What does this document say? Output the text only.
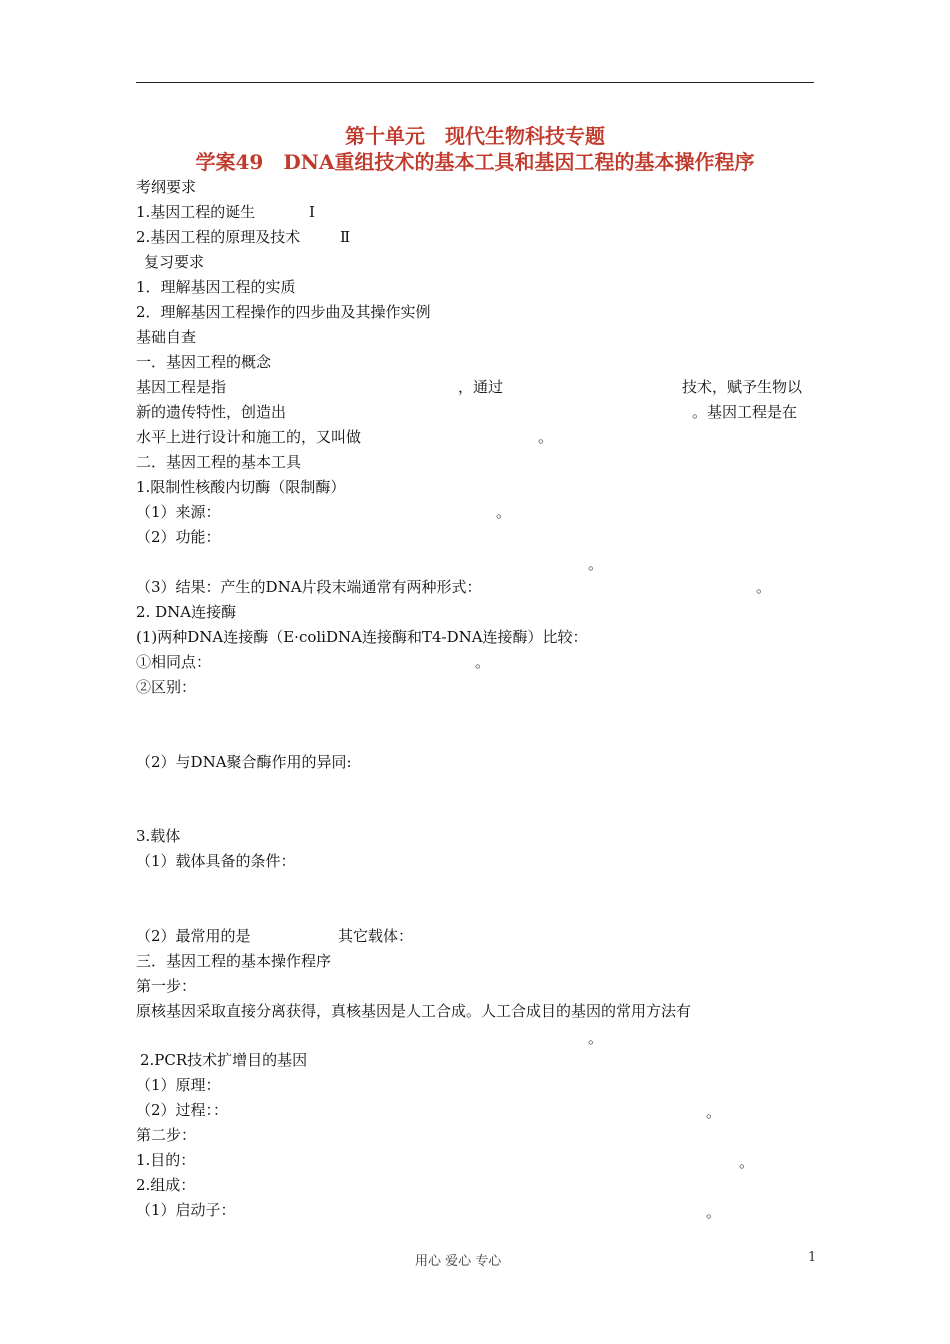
第十单元　现代生物科技专题
学案49　DNA重组技术的基本工具和基因工程的基本操作程序
考纲要求
1.基因工程的诞生	Ⅰ
2.基因工程的原理及技术	Ⅱ
复习要求
1．理解基因工程的实质
2．理解基因工程操作的四步曲及其操作实例
基础自查
一．基因工程的概念
基因工程是指	，通过	技术，赋予生物以
新的遗传特性，创造出	。基因工程是在
水平上进行设计和施工的，又叫做	。
二．基因工程的基本工具
1.限制性核酸内切酶（限制酶）
（1）来源：	。
（2）功能：
。
（3）结果：产生的DNA片段末端通常有两种形式：	。
2. DNA连接酶
(1)两种DNA连接酶（E·coliDNA连接酶和T4-DNA连接酶）比较：
①相同点：	。
②区别：
（2）与DNA聚合酶作用的异同:
3.载体
（1）载体具备的条件：
（2）最常用的是	其它载体：
三．基因工程的基本操作程序
第一步：
原核基因采取直接分离获得，真核基因是人工合成。人工合成目的基因的常用方法有
。
2.PCR技术扩增目的基因
（1）原理：
（2）过程：：	。
第二步：
1.目的：	。
2.组成：
（1）启动子：	。
用心 爱心 专心	1
